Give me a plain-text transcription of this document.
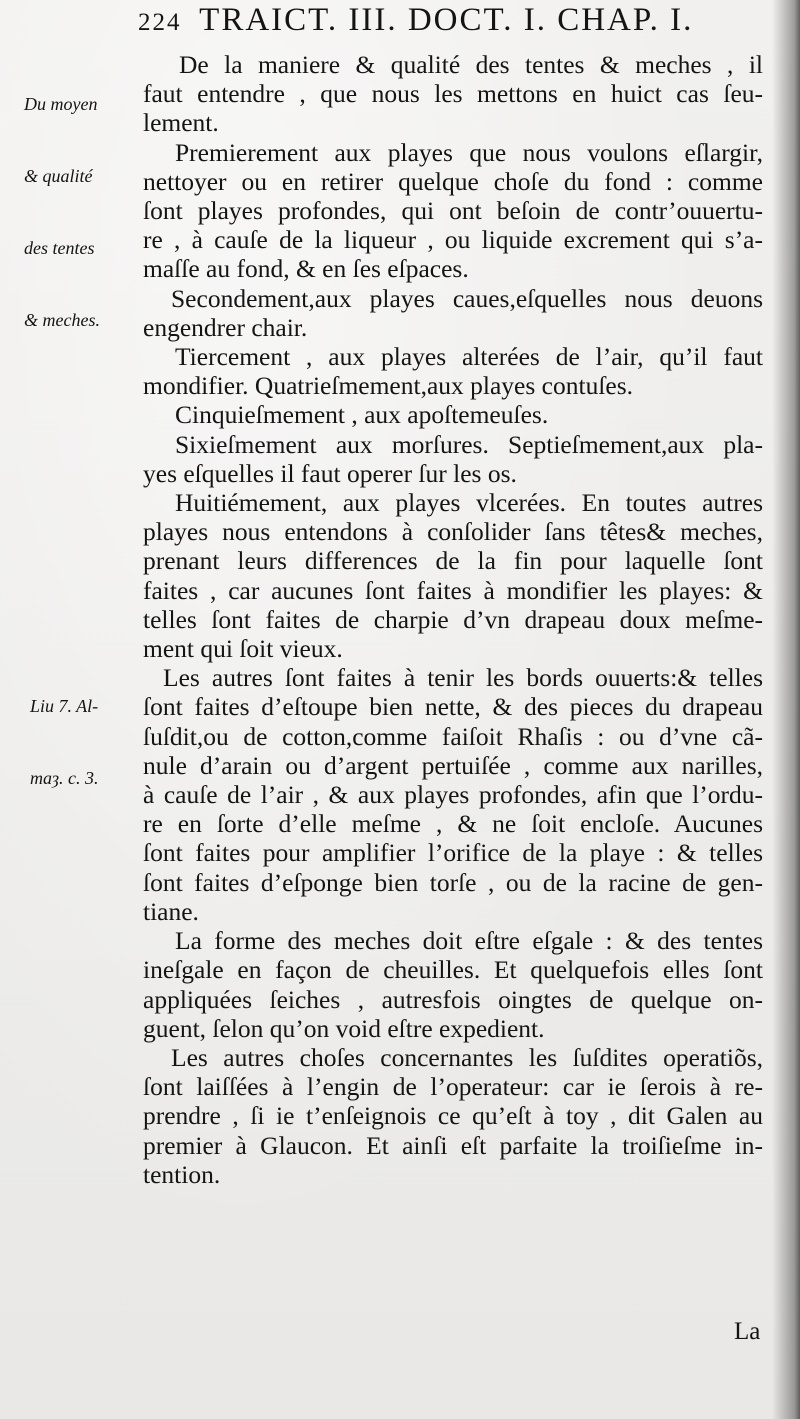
224 TRAICT. III. DOCT. I. CHAP. I.

Du moyen

& qualité

des tentes

& meches.

Liu 7. Al-

maȝ. c. 3.

De la maniere & qualité des tentes & meches , il
faut entendre , que nous les mettons en huict cas ſeu-
lement.
Premierement aux playes que nous voulons eſlargir,
nettoyer ou en retirer quelque choſe du fond : comme
ſont playes profondes, qui ont beſoin de contr’ouuertu-
re , à cauſe de la liqueur , ou liquide excrement qui s’a-
maſſe au fond, & en ſes eſpaces.
Secondement,aux playes caues,eſquelles nous deuons
engendrer chair.
Tiercement , aux playes alterées de l’air, qu’il faut
mondifier. Quatrieſmement,aux playes contuſes.
Cinquieſmement , aux apoſtemeuſes.
Sixieſmement aux morſures. Septieſmement,aux pla-
yes eſquelles il faut operer ſur les os.
Huitiémement, aux playes vlcerées. En toutes autres
playes nous entendons à conſolider ſans têtes& meches,
prenant leurs differences de la fin pour laquelle ſont
faites , car aucunes ſont faites à mondifier les playes: &
telles ſont faites de charpie d’vn drapeau doux meſme-
ment qui ſoit vieux.
Les autres ſont faites à tenir les bords ouuerts:& telles
ſont faites d’eſtoupe bien nette, & des pieces du drapeau
ſuſdit,ou de cotton,comme faiſoit Rhaſis : ou d’vne cã-
nule d’arain ou d’argent pertuiſée , comme aux narilles,
à cauſe de l’air , & aux playes profondes, afin que l’ordu-
re en ſorte d’elle meſme , & ne ſoit encloſe. Aucunes
ſont faites pour amplifier l’orifice de la playe : & telles
ſont faites d’eſponge bien torſe , ou de la racine de gen-
tiane.
La forme des meches doit eſtre eſgale : & des tentes
ineſgale en façon de cheuilles. Et quelquefois elles ſont
appliquées ſeiches , autresfois oingtes de quelque on-
guent, ſelon qu’on void eſtre expedient.
Les autres choſes concernantes les ſuſdites operatiõs,
ſont laiſſées à l’engin de l’operateur: car ie ſerois à re-
prendre , ſi ie t’enſeignois ce qu’eſt à toy , dit Galen au
premier à Glaucon. Et ainſi eſt parfaite la troiſieſme in-
tention.
La
